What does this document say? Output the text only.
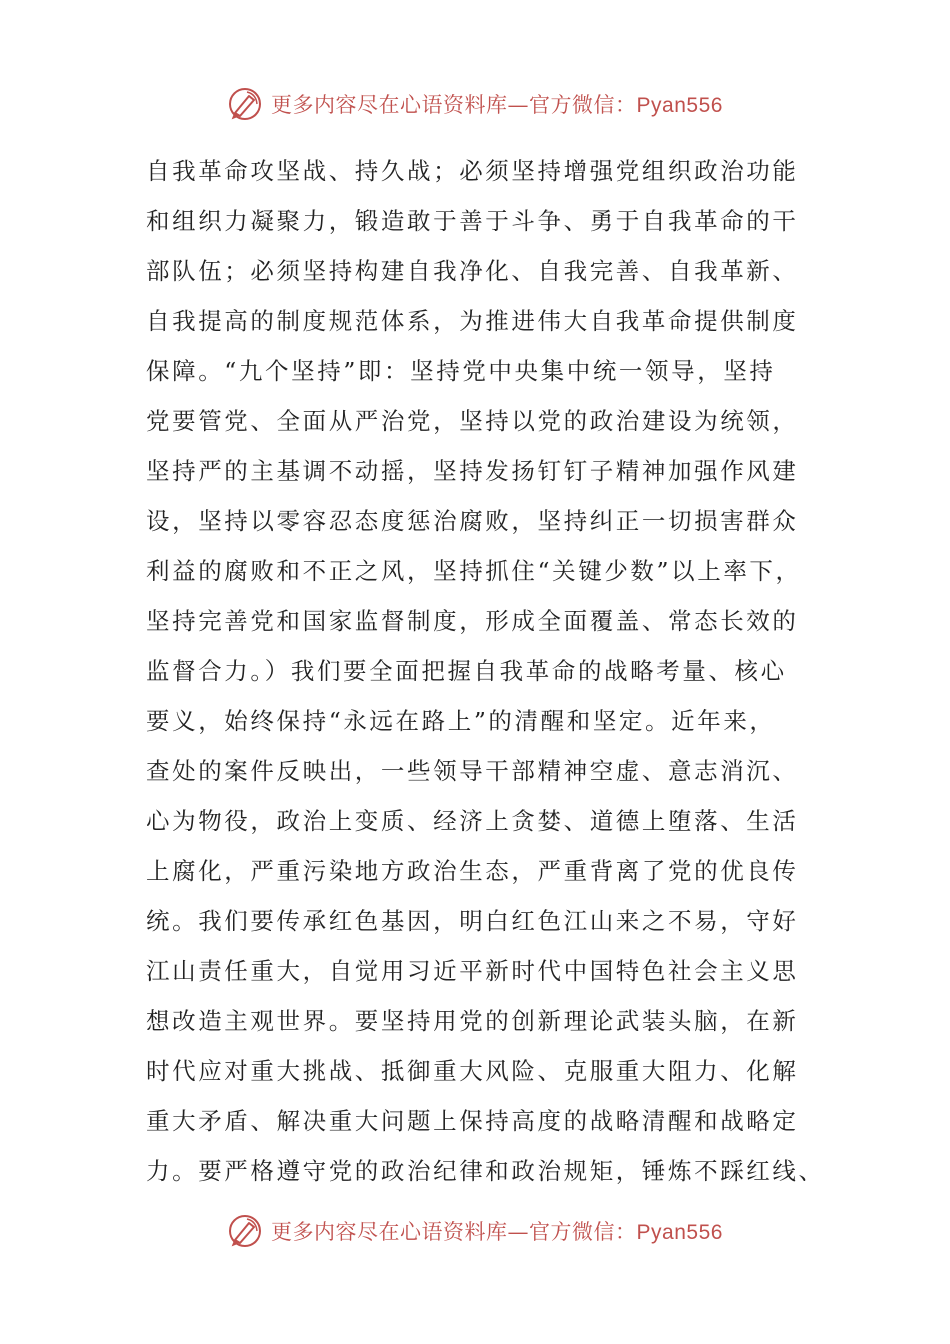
更多内容尽在心语资料库—官方微信：Pyan556
自我革命攻坚战、持久战；必须坚持增强党组织政治功能
和组织力凝聚力，锻造敢于善于斗争、勇于自我革命的干
部队伍；必须坚持构建自我净化、自我完善、自我革新、
自我提高的制度规范体系，为推进伟大自我革命提供制度
保障。“九个坚持”即：坚持党中央集中统一领导，坚持
党要管党、全面从严治党，坚持以党的政治建设为统领，
坚持严的主基调不动摇，坚持发扬钉钉子精神加强作风建
设，坚持以零容忍态度惩治腐败，坚持纠正一切损害群众
利益的腐败和不正之风，坚持抓住“关键少数”以上率下，
坚持完善党和国家监督制度，形成全面覆盖、常态长效的
监督合力。）我们要全面把握自我革命的战略考量、核心
要义，始终保持“永远在路上”的清醒和坚定。近年来，
查处的案件反映出，一些领导干部精神空虚、意志消沉、
心为物役，政治上变质、经济上贪婪、道德上堕落、生活
上腐化，严重污染地方政治生态，严重背离了党的优良传
统。我们要传承红色基因，明白红色江山来之不易，守好
江山责任重大，自觉用习近平新时代中国特色社会主义思
想改造主观世界。要坚持用党的创新理论武装头脑，在新
时代应对重大挑战、抵御重大风险、克服重大阻力、化解
重大矛盾、解决重大问题上保持高度的战略清醒和战略定
力。要严格遵守党的政治纪律和政治规矩，锤炼不踩红线、
更多内容尽在心语资料库—官方微信：Pyan556
